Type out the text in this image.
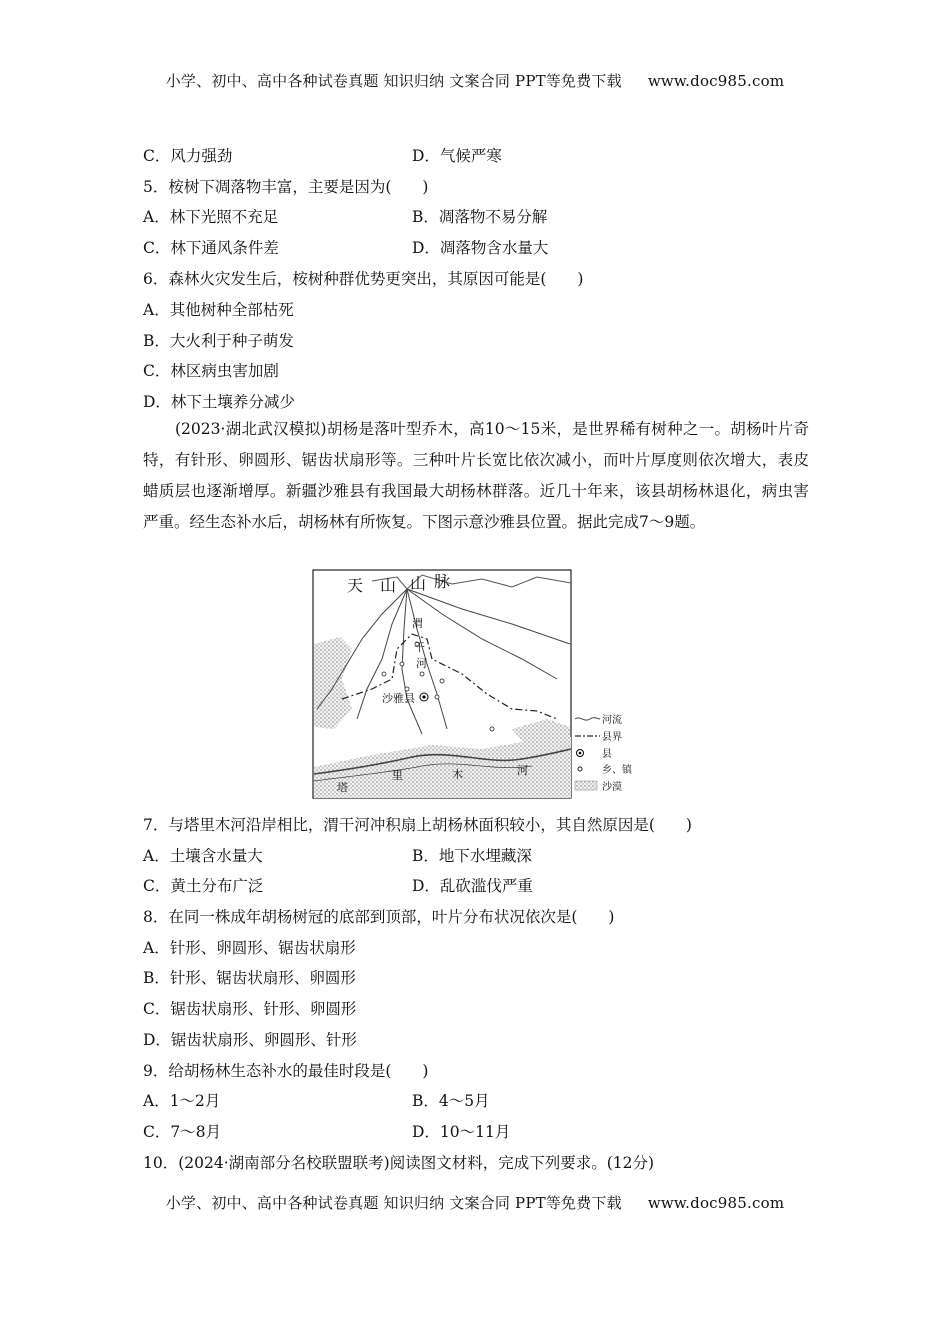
小学、初中、高中各种试卷真题 知识归纳 文案合同 PPT等免费下载 www.doc985.com
C．风力强劲	D．气候严寒
5．桉树下凋落物丰富，主要是因为(　　)
A．林下光照不充足	B．凋落物不易分解
C．林下通风条件差	D．凋落物含水量大
6．森林火灾发生后，桉树种群优势更突出，其原因可能是(　　)
A．其他树种全部枯死
B．大火利于种子萌发
C．林区病虫害加剧
D．林下土壤养分减少
(2023·湖北武汉模拟)胡杨是落叶型乔木，高10～15米，是世界稀有树种之一。胡杨叶片奇特，有针形、卵圆形、锯齿状扇形等。三种叶片长宽比依次减小，而叶片厚度则依次增大，表皮蜡质层也逐渐增厚。新疆沙雅县有我国最大胡杨林群落。近几十年来，该县胡杨林退化，病虫害严重。经生态补水后，胡杨林有所恢复。下图示意沙雅县位置。据此完成7～9题。
天 山 山 脉
渭
干
河
沙雅县
塔
里	木	河
河流
县界
县
乡、镇
沙漠
7．与塔里木河沿岸相比，渭干河冲积扇上胡杨林面积较小，其自然原因是(　　)
A．土壤含水量大	B．地下水埋藏深
C．黄土分布广泛	D．乱砍滥伐严重
8．在同一株成年胡杨树冠的底部到顶部，叶片分布状况依次是(　　)
A．针形、卵圆形、锯齿状扇形
B．针形、锯齿状扇形、卵圆形
C．锯齿状扇形、针形、卵圆形
D．锯齿状扇形、卵圆形、针形
9．给胡杨林生态补水的最佳时段是(　　)
A．1～2月	B．4～5月
C．7～8月	D．10～11月
10．(2024·湖南部分名校联盟联考)阅读图文材料，完成下列要求。(12分)
小学、初中、高中各种试卷真题 知识归纳 文案合同 PPT等免费下载 www.doc985.com
